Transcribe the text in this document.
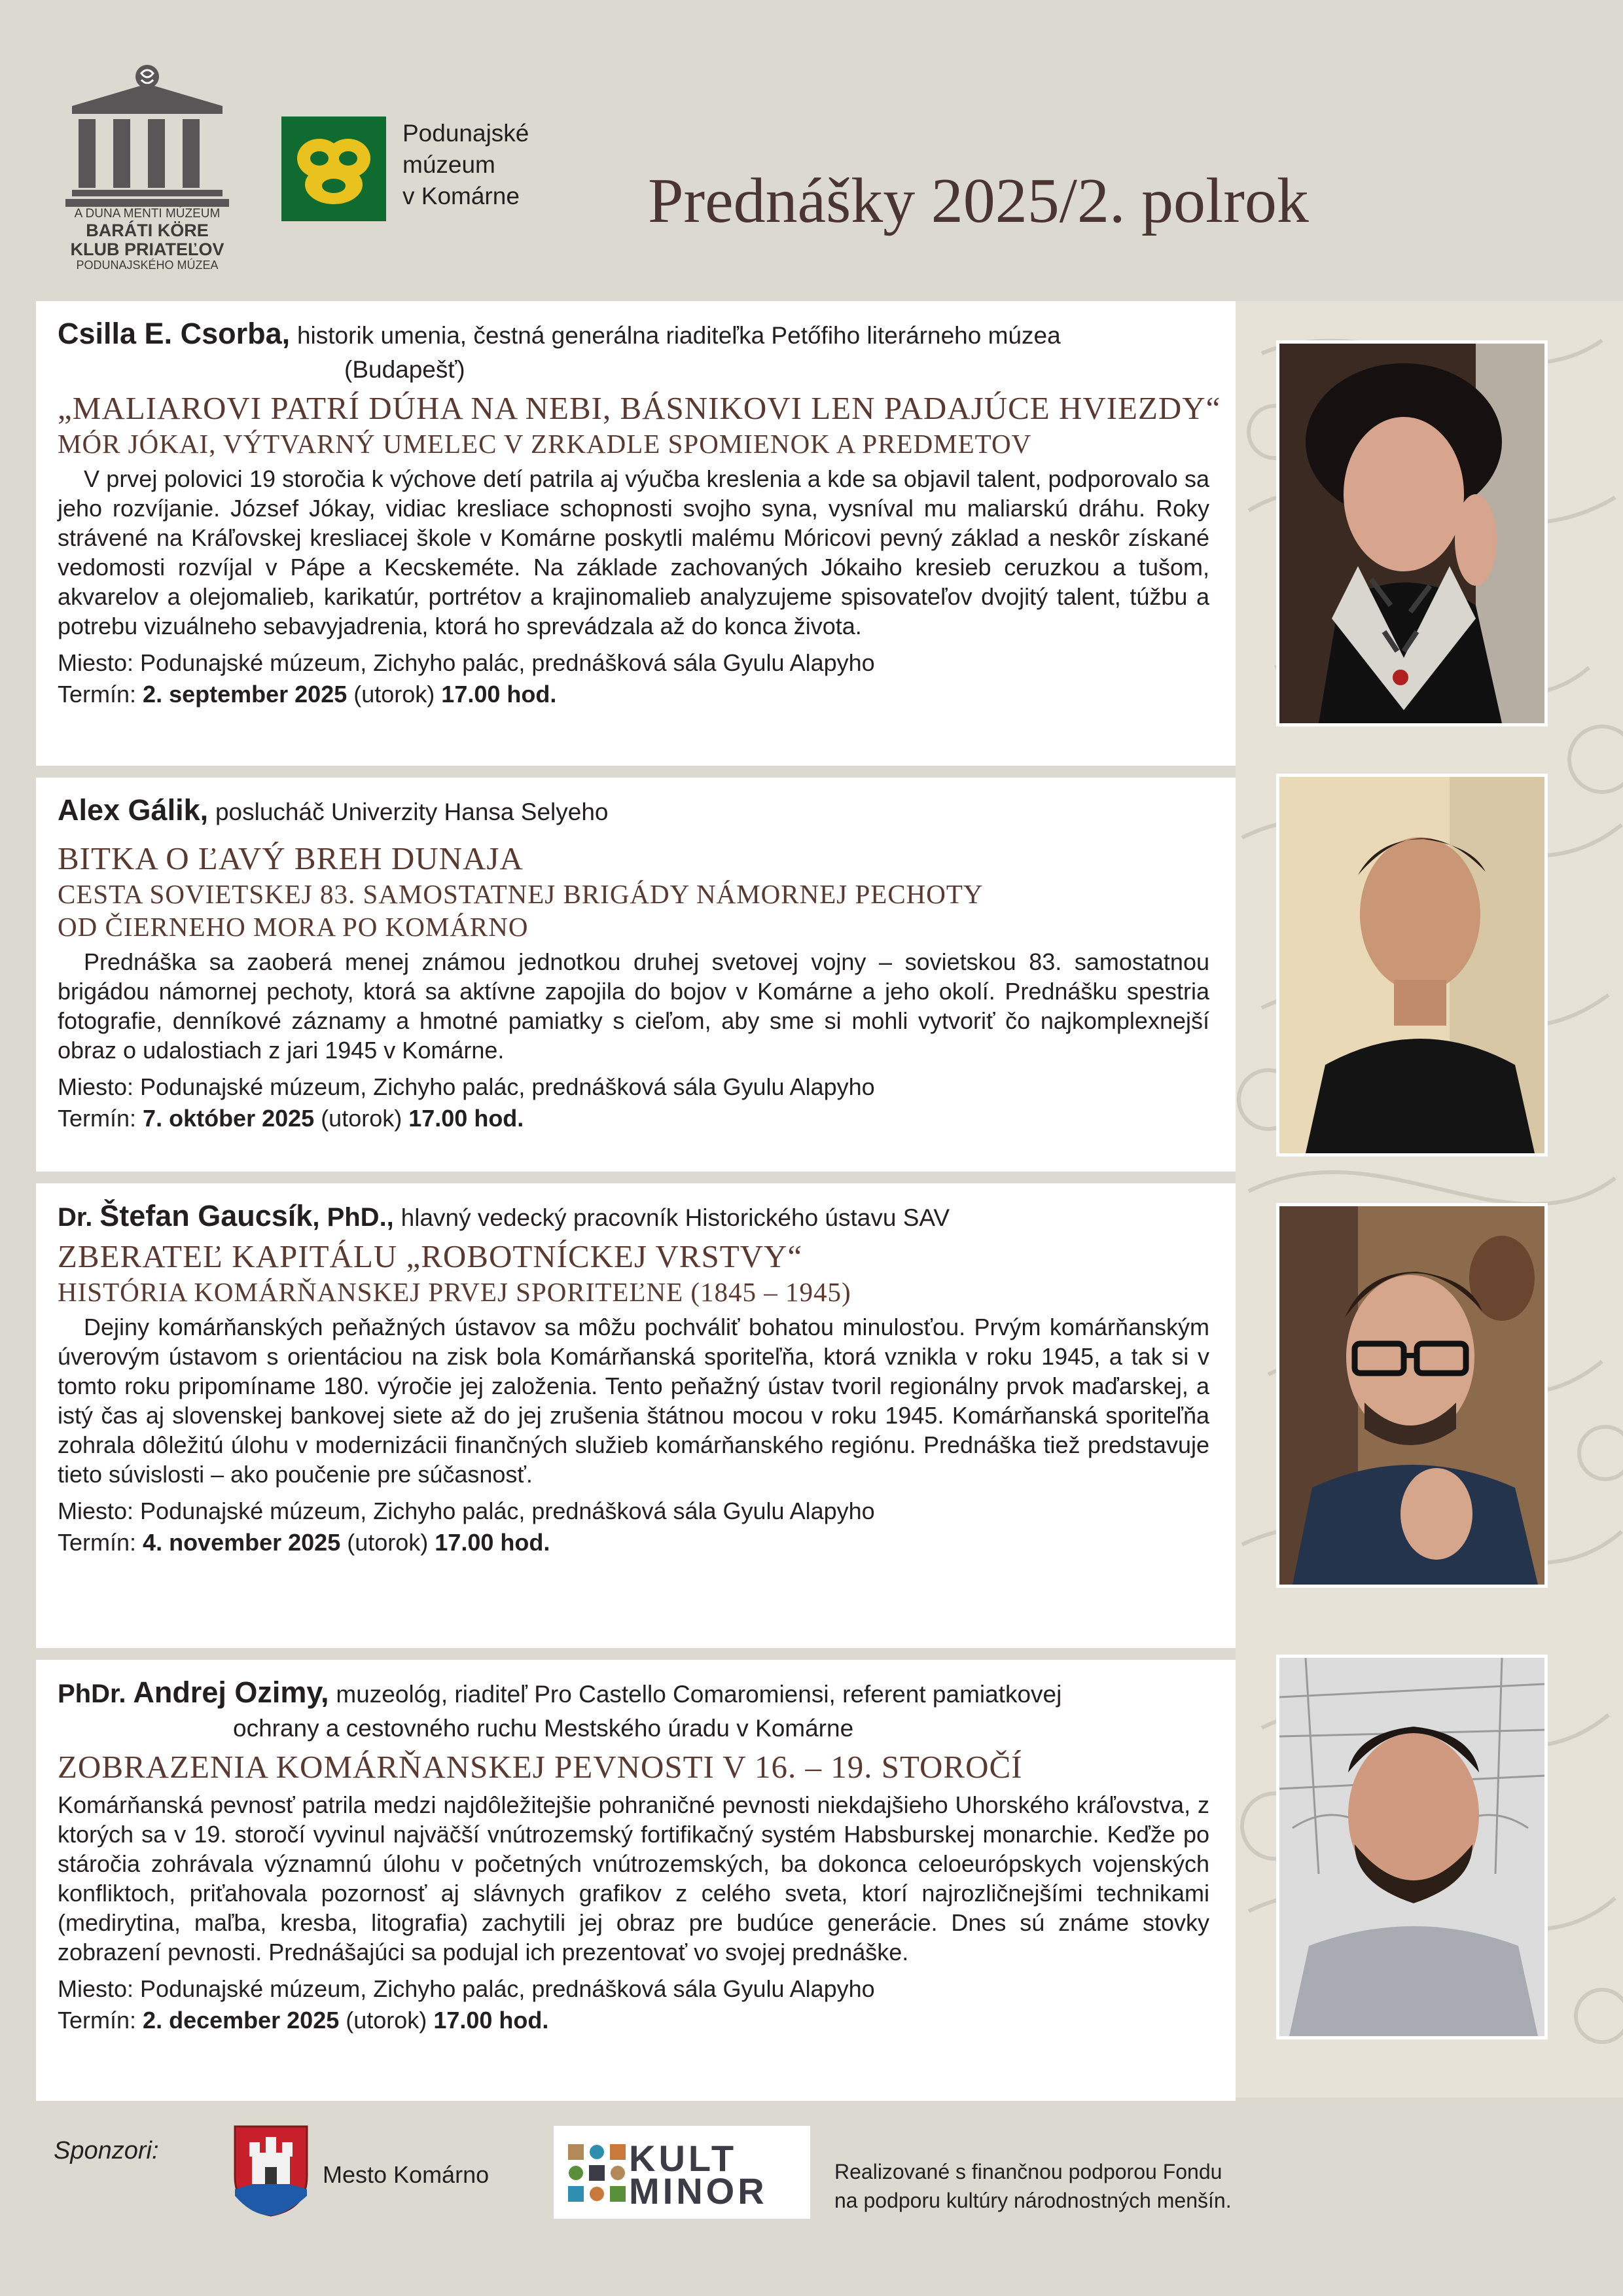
A DUNA MENTI MÚZEUM
BARÁTI KÖRE
KLUB PRIATEĽOV
PODUNAJSKÉHO MÚZEA
Podunajské
múzeum
v Komárne	Prednášky 2025/2. polrok
Csilla E. Csorba, historik umenia, čestná generálna riaditeľka Petőfiho literárneho múzea
(Budapešť)
„MALIAROVI PATRÍ DÚHA NA NEBI, BÁSNIKOVI LEN PADAJÚCE HVIEZDY“
MÓR JÓKAI, VÝTVARNÝ UMELEC V ZRKADLE SPOMIENOK A PREDMETOV
V prvej polovici 19 storočia k výchove detí patrila aj výučba kreslenia a kde sa objavil talent, podporovalo sa jeho rozvíjanie. József Jókay, vidiac kresliace schopnosti svojho syna, vysníval mu maliarskú dráhu. Roky strávené na Kráľovskej kresliacej škole v Komárne poskytli malému Móricovi pevný základ a neskôr získané vedomosti rozvíjal v Pápe a Kecskeméte. Na základe zachovaných Jókaiho kresieb ceruzkou a tušom, akvarelov a olejomalieb, karikatúr, portrétov a krajinomalieb analyzujeme spisovateľov dvojitý talent, túžbu a potrebu vizuálneho sebavyjadrenia, ktorá ho sprevádzala až do konca života.
Miesto: Podunajské múzeum, Zichyho palác, prednášková sála Gyulu Alapyho
Termín: 2. september 2025 (utorok) 17.00 hod.
Alex Gálik, poslucháč Univerzity Hansa Selyeho
BITKA O ĽAVÝ BREH DUNAJA
CESTA SOVIETSKEJ 83. SAMOSTATNEJ BRIGÁDY NÁMORNEJ PECHOTY
OD ČIERNEHO MORA PO KOMÁRNO
Prednáška sa zaoberá menej známou jednotkou druhej svetovej vojny – sovietskou 83. samostatnou brigádou námornej pechoty, ktorá sa aktívne zapojila do bojov v Komárne a jeho okolí. Prednášku spestria fotografie, denníkové záznamy a hmotné pamiatky s cieľom, aby sme si mohli vytvoriť čo najkomplexnejší obraz o udalostiach z jari 1945 v Komárne.
Miesto: Podunajské múzeum, Zichyho palác, prednášková sála Gyulu Alapyho
Termín: 7. október 2025 (utorok) 17.00 hod.
Dr. Štefan Gaucsík, PhD., hlavný vedecký pracovník Historického ústavu SAV
ZBERATEĽ KAPITÁLU „ROBOTNÍCKEJ VRSTVY“
HISTÓRIA KOMÁRŇANSKEJ PRVEJ SPORITEĽNE (1845 – 1945)
Dejiny komárňanských peňažných ústavov sa môžu pochváliť bohatou minulosťou. Prvým komárňanským úverovým ústavom s orientáciou na zisk bola Komárňanská sporiteľňa, ktorá vznikla v roku 1945, a tak si v tomto roku pripomíname 180. výročie jej založenia. Tento peňažný ústav tvoril regionálny prvok maďarskej, a istý čas aj slovenskej bankovej siete až do jej zrušenia štátnou mocou v roku 1945. Komárňanská sporiteľňa zohrala dôležitú úlohu v modernizácii finančných služieb komárňanského regiónu. Prednáška tiež predstavuje tieto súvislosti – ako poučenie pre súčasnosť.
Miesto: Podunajské múzeum, Zichyho palác, prednášková sála Gyulu Alapyho
Termín: 4. november 2025 (utorok) 17.00 hod.
PhDr. Andrej Ozimy, muzeológ, riaditeľ Pro Castello Comaromiensi, referent pamiatkovej
ochrany a cestovného ruchu Mestského úradu v Komárne
ZOBRAZENIA KOMÁRŇANSKEJ PEVNOSTI V 16. – 19. STOROČÍ
Komárňanská pevnosť patrila medzi najdôležitejšie pohraničné pevnosti niekdajšieho Uhorského kráľovstva, z ktorých sa v 19. storočí vyvinul najväčší vnútrozemský fortifikačný systém Habsburskej monarchie. Keďže po stáročia zohrávala významnú úlohu v početných vnútrozemských, ba dokonca celoeurópskych vojenských konfliktoch, priťahovala pozornosť aj slávnych grafikov z celého sveta, ktorí najrozličnejšími technikami (medirytina, maľba, kresba, litografia) zachytili jej obraz pre budúce generácie. Dnes sú známe stovky zobrazení pevnosti. Prednášajúci sa podujal ich prezentovať vo svojej prednáške.
Miesto: Podunajské múzeum, Zichyho palác, prednášková sála Gyulu Alapyho
Termín: 2. december 2025 (utorok) 17.00 hod.
Sponzori:
Mesto Komárno	KULT
MINOR	Realizované s finančnou podporou Fondu
na podporu kultúry národnostných menšín.
